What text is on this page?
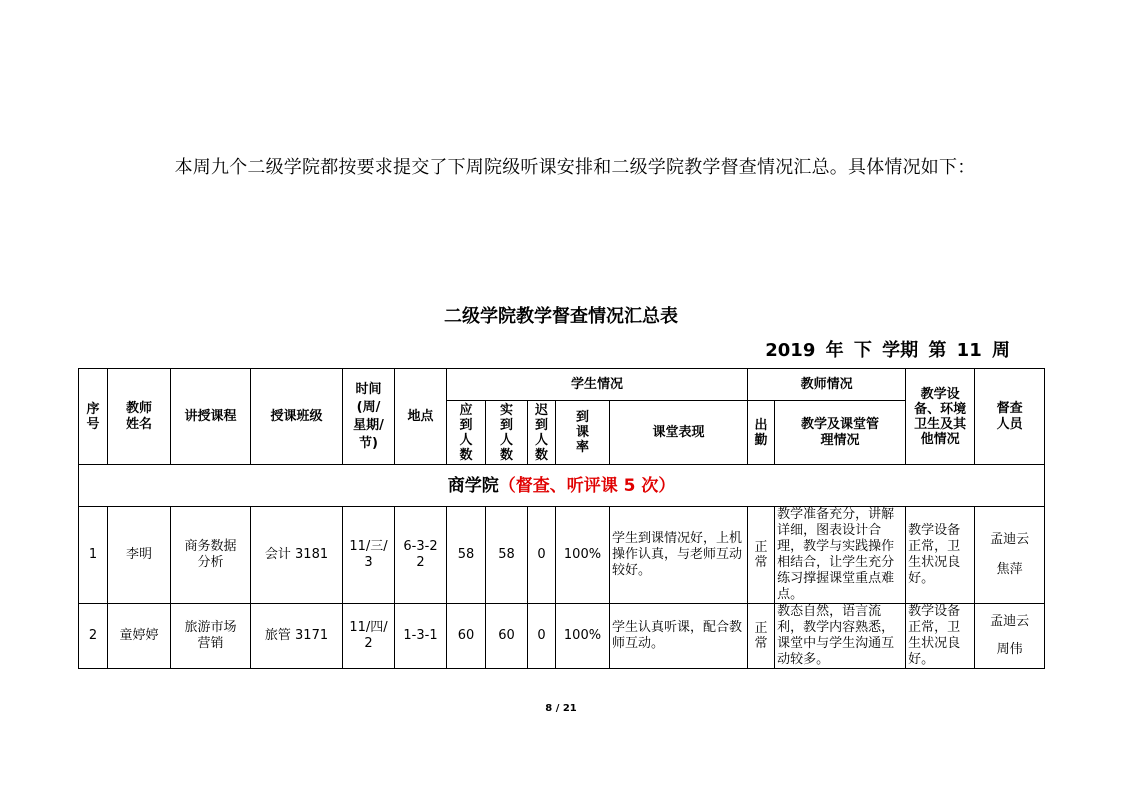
本周九个二级学院都按要求提交了下周院级听课安排和二级学院教学督查情况汇总。具体情况如下：
二级学院教学督查情况汇总表
2019 年 下 学期 第 11 周
序号	教师姓名	讲授课程	授课班级	时间(周/星期/节)	地点	学生情况					教师情况		教学设备、环境卫生及其他情况	督查人员

						应到人数	实到人数	迟到人数	到课率	课堂表现	出勤	教学及课堂管理情况		

商学院（督查、听评课 5 次）														
1	李明	商务数据分析	会计 3181	11/三/3	6-3-22	58	58	0	100%	学生到课情况好，上机操作认真，与老师互动较好。	正常	教学准备充分，讲解详细，图表设计合理，教学与实践操作相结合，让学生充分练习撑握课堂重点难点。	教学设备正常，卫生状况良好。	孟迪云
焦萍

2	童婷婷	旅游市场营销	旅管 3171	11/四/2	1-3-1	60	60	0	100%	学生认真听课，配合教师互动。	正常	教态自然，语言流利，教学内容熟悉，课堂中与学生沟通互动较多。	教学设备正常，卫生状况良好。	孟迪云
周伟
8 / 21
